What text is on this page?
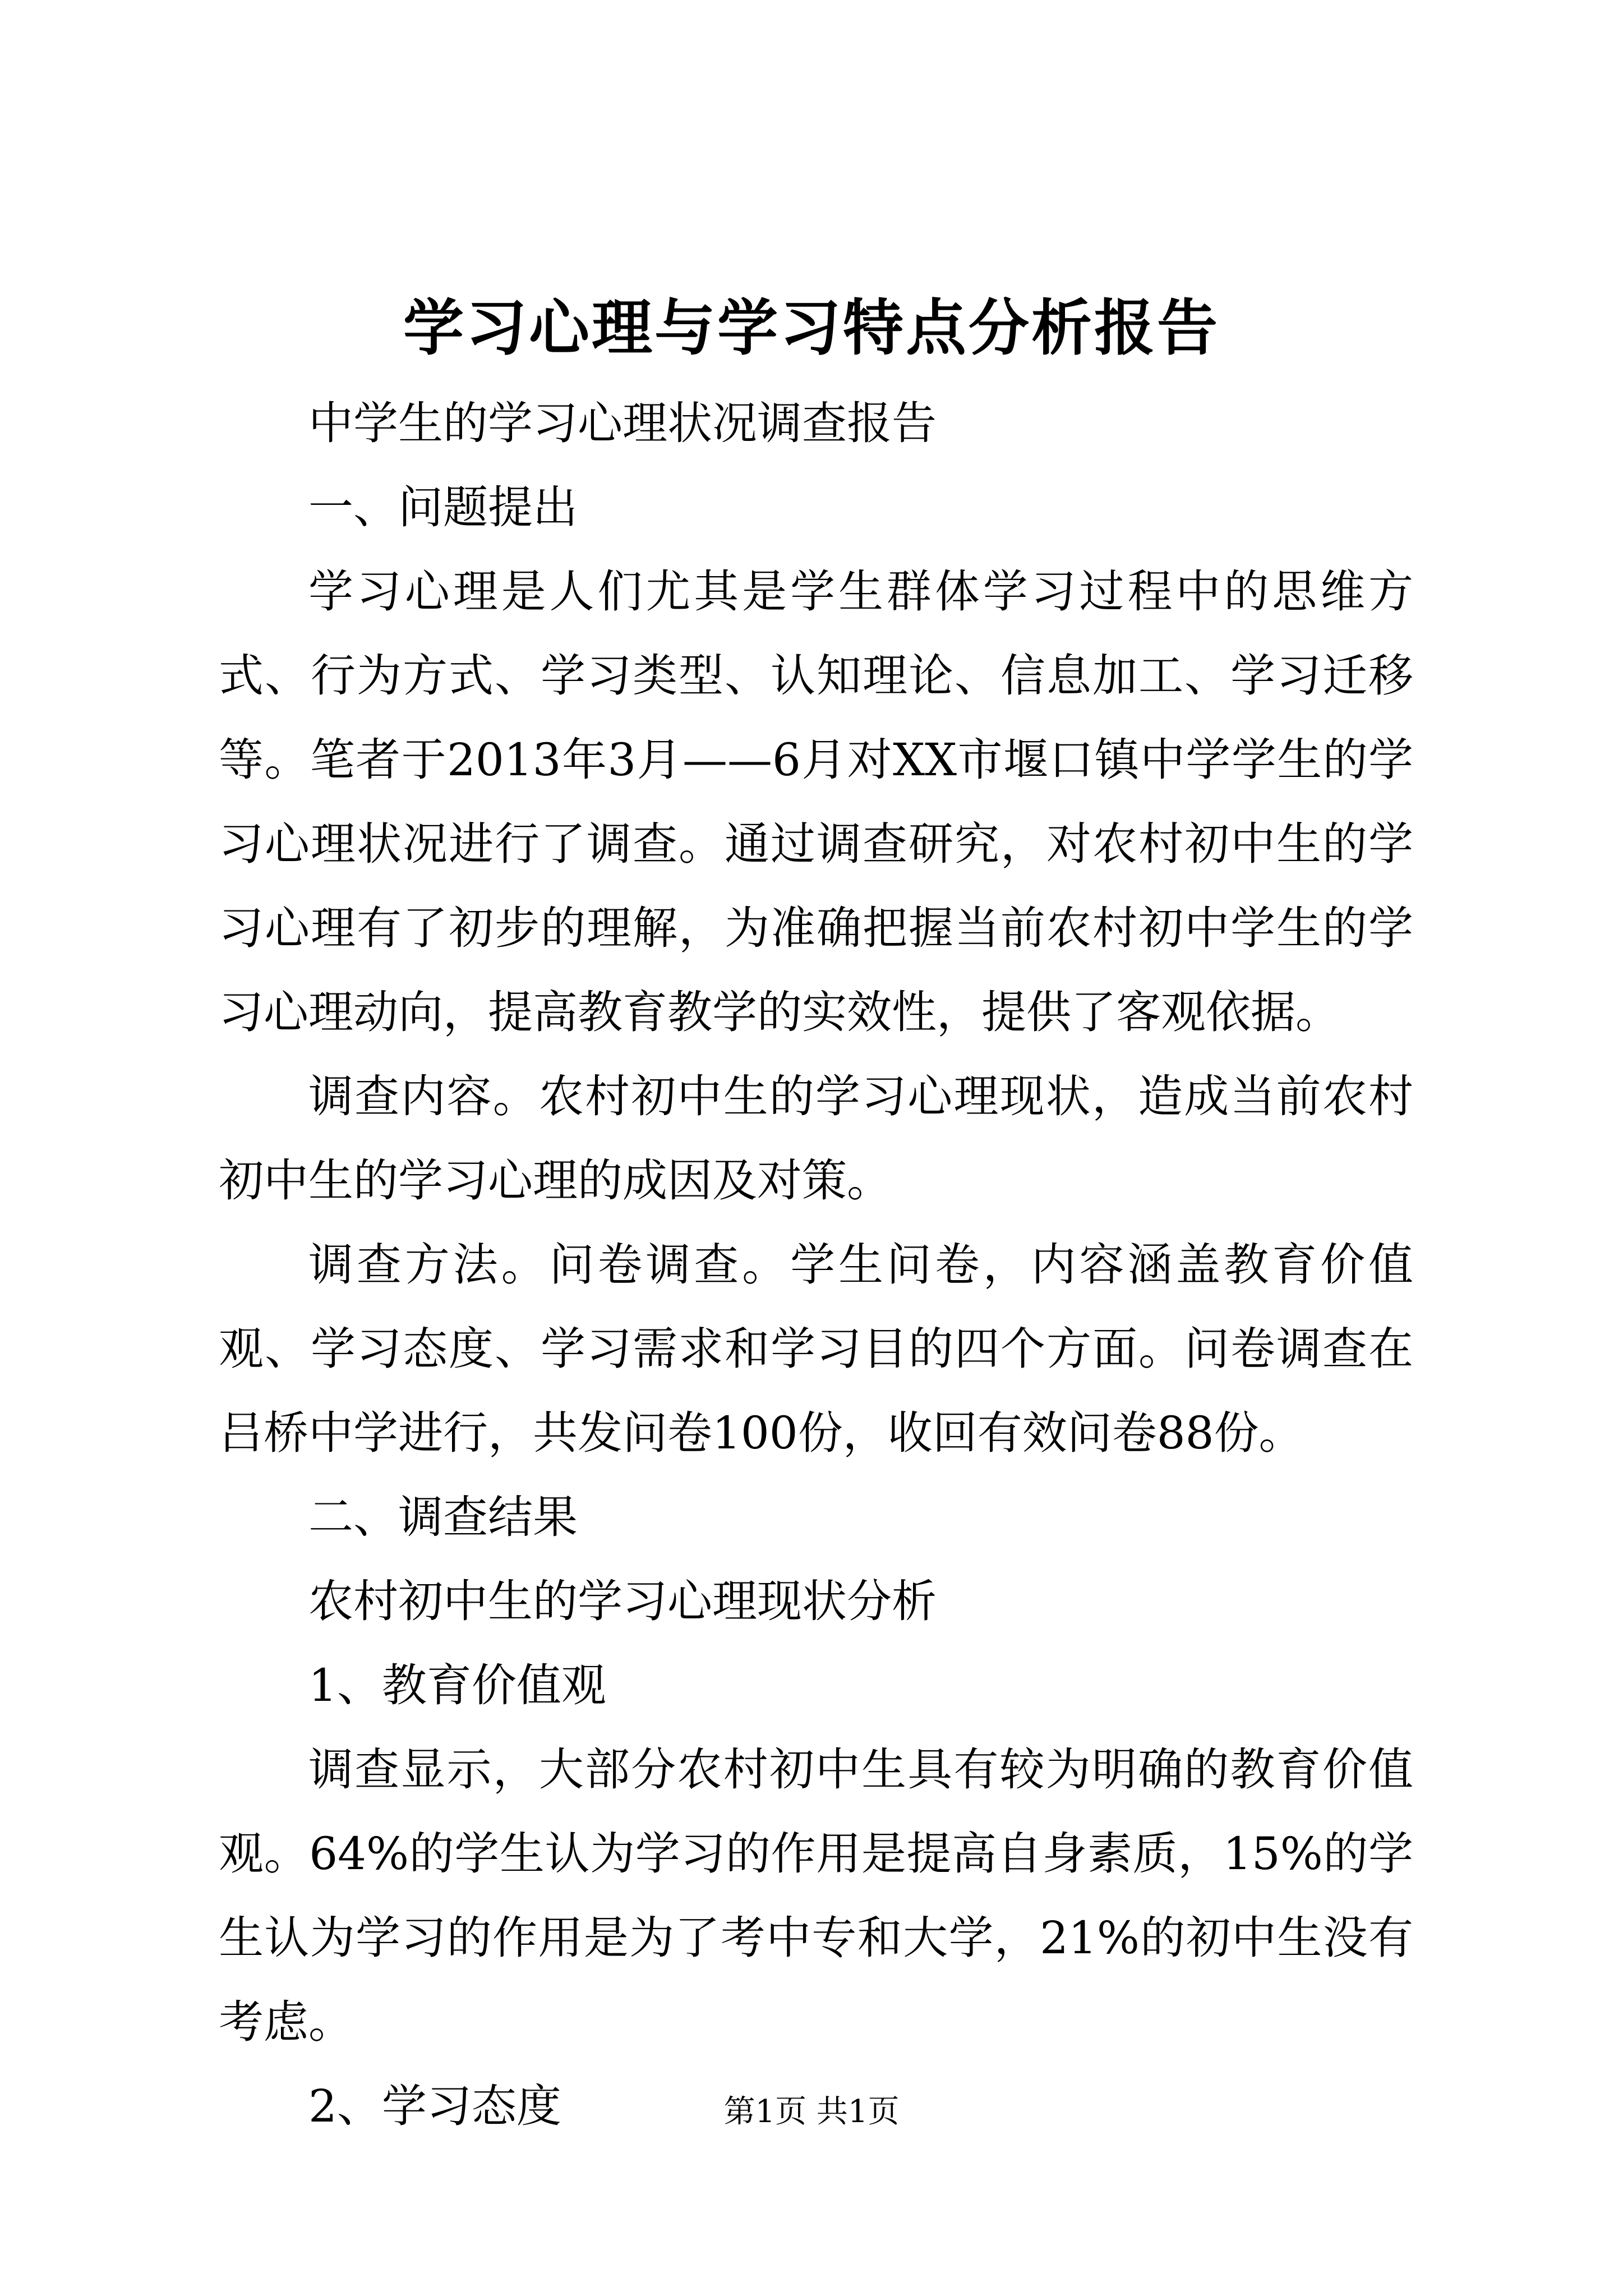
学习心理与学习特点分析报告

中学生的学习心理状况调查报告

一、问题提出

学习心理是人们尤其是学生群体学习过程中的思维方式、行为方式、学习类型、认知理论、信息加工、学习迁移等。笔者于2013年3月——6月对XX市堰口镇中学学生的学习心理状况进行了调查。通过调查研究，对农村初中生的学习心理有了初步的理解，为准确把握当前农村初中学生的学习心理动向，提高教育教学的实效性，提供了客观依据。

调查内容。农村初中生的学习心理现状，造成当前农村初中生的学习心理的成因及对策。

调查方法。问卷调查。学生问卷，内容涵盖教育价值观、学习态度、学习需求和学习目的四个方面。问卷调查在吕桥中学进行，共发问卷100份，收回有效问卷88份。

二、调查结果

农村初中生的学习心理现状分析

1、教育价值观

调查显示，大部分农村初中生具有较为明确的教育价值观。64%的学生认为学习的作用是提高自身素质，15%的学生认为学习的作用是为了考中专和大学，21%的初中生没有考虑。

2、学习态度	第1页 共1页
